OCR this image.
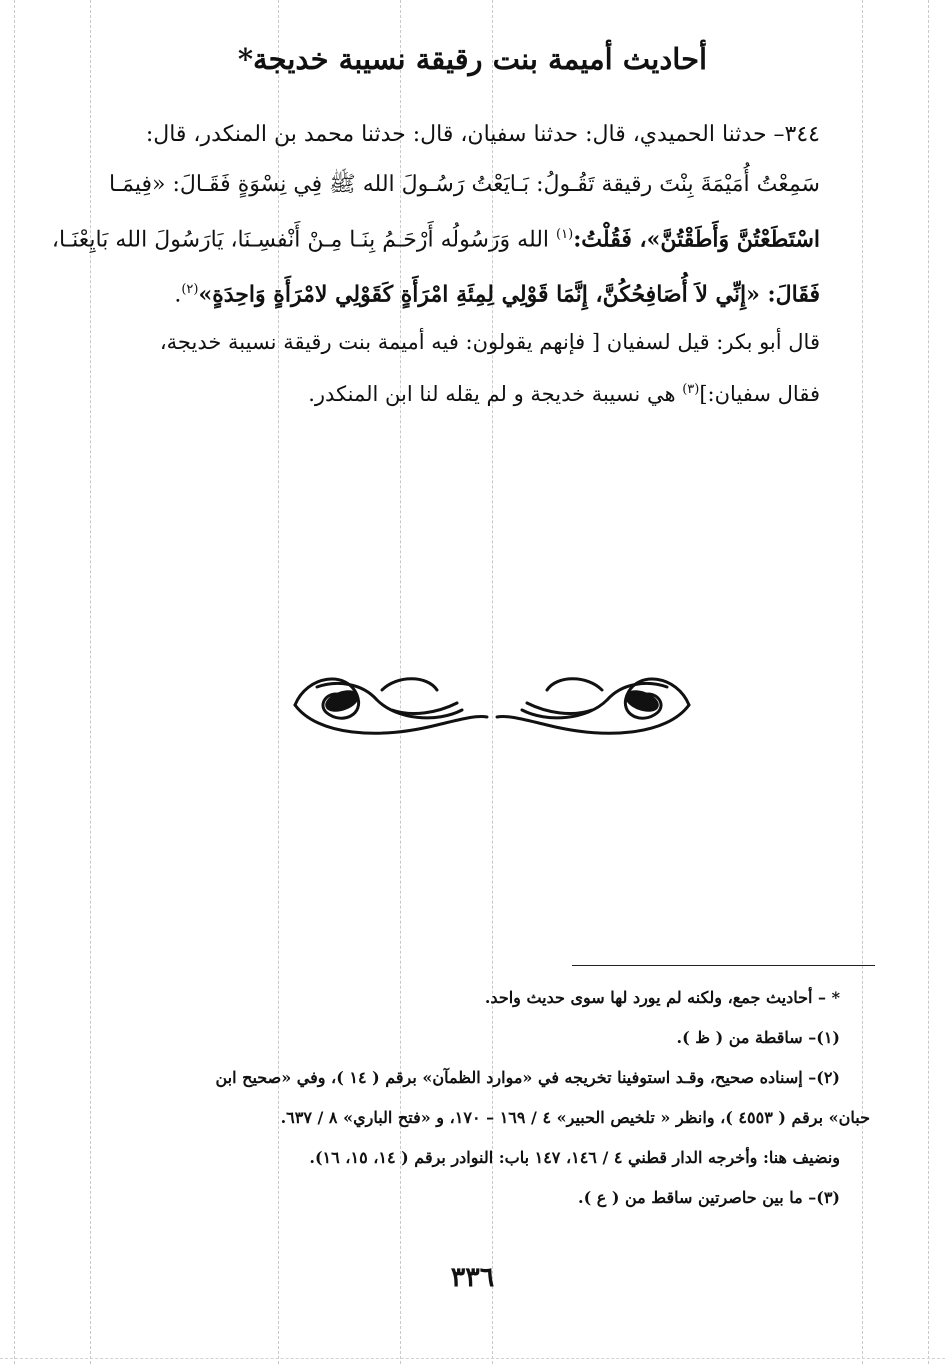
أحاديث أميمة بنت رقيقة نسيبة خديجة*
٣٤٤– حدثنا الحميدي، قال: حدثنا سفيان، قال: حدثنا محمد بن المنكدر، قال:
سَمِعْتُ أُمَيْمَةَ بِنْتَ رقيقة تَقُـولُ: بَـايَعْتُ رَسُـولَ الله ﷺ فِي نِسْوَةٍ فَقَـالَ: «فِيمَـا
اسْتَطَعْتُنَّ وَأَطَقْتُنَّ»، فَقُلْتُ:$^{(١)}$ الله وَرَسُولُه أَرْحَـمُ بِنَـا مِـنْ أَنْفسِـنَا، يَارَسُولَ الله بَايِعْنَـا،
فَقَالَ: «إِنِّي لاَ أُصَافِحُكُنَّ، إِنَّمَا قَوْلِي لِمِئَةِ امْرَأَةٍ كَقَوْلِي لامْرَأَةٍ وَاحِدَةٍ»$^{(٢)}$.
قال أبو بكر: قيل لسفيان [ فإنهم يقولون: فيه أميمة بنت رقيقة نسيبة خديجة،
فقال سفيان:]$^{(٣)}$ هي نسيبة خديجة و لم يقله لنا ابن المنكدر.
* – أحاديث جمع، ولكنه لم يورد لها سوى حديث واحد.
(١)– ساقطة من ( ظ ).
(٢)– إسناده صحيح، وقـد استوفينا تخريجه في «موارد الظمآن» برقم ( ١٤ )، وفي «صحيح ابن
حبان» برقم ( ٤٥٥٣ )، وانظر « تلخيص الحبير» ٤ / ١٦٩ – ١٧٠، و «فتح الباري» ٨ / ٦٣٧.
ونضيف هنا: وأخرجه الدار قطني ٤ / ١٤٦، ١٤٧ باب: النوادر برقم ( ١٤، ١٥، ١٦).
(٣)– ما بين حاصرتين ساقط من ( ع ).
٣٣٦
